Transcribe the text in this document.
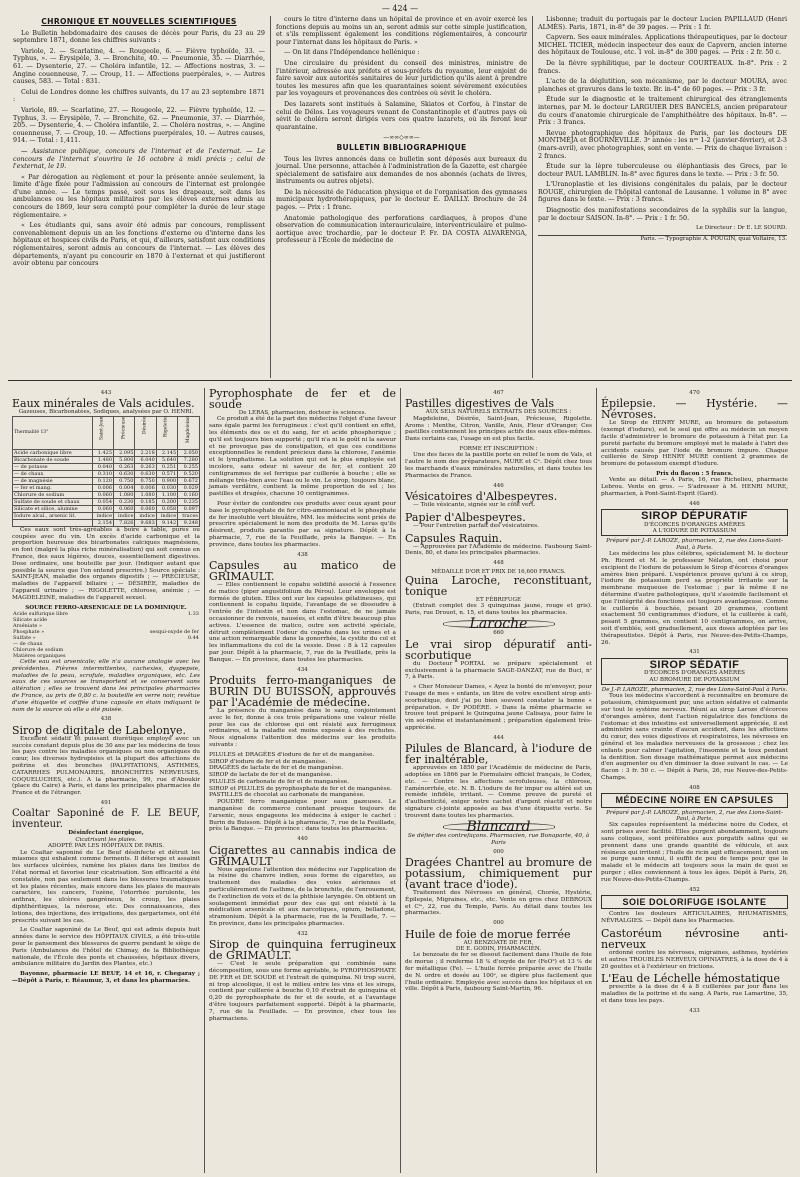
— 424 —
CHRONIQUE ET NOUVELLES SCIENTIFIQUES

Le Bulletin hebdomadaire des causes de décès pour Paris, du 23 au 29 septembre 1871, donne les chiffres suivants :

Variole, 2. — Scarlatine, 4. — Rougeole, 6. — Fièvre typhoïde, 33. — Typhus, ». — Érysipèle, 3. — Bronchite, 40. — Pneumonie, 35. — Diarrhée, 61. — Dysenterie, 27. — Choléra infantile, 12. — Affections nostras, 3. — Angine couenneuse, 7. — Croup, 11. — Affections puerpérales, ». — Autres causes, 583. — Total : 831.

Celui de Londres donne les chiffres suivants, du 17 au 23 septembre 1871 :

Variole, 89. — Scarlatine, 27. — Rougeole, 22. — Fièvre typhoïde, 12. — Typhus, 3. — Érysipèle, 7. — Bronchite, 62. — Pneumonie, 37. — Diarrhée, 205. — Dysenterie, 4. — Choléra infantile, 2. — Choléra nostras, ». — Angine couenneuse, 7. — Croup, 10. — Affections puerpérales, 10. — Autres causes, 914. — Total : 1,411.

— Assistance publique, concours de l'internat et de l'externat. — Le concours de l'internat s'ouvrira le 16 octobre à midi précis ; celui de l'externat, le 19.

« Par dérogation au règlement et pour la présente année seulement, la limite d'âge fixée pour l'admission au concours de l'internat est prolongée d'une année. — Le temps passé, soit sous les drapeaux, soit dans les ambulances ou les hôpitaux militaires par les élèves externes admis au concours de 1869, leur sera compté pour compléter la durée de leur stage réglementaire. »

« Les étudiants qui, sans avoir été admis par concours, remplissent convenablement depuis un an les fonctions d'externe ou d'interne dans les hôpitaux et hospices civils de Paris, et qui, d'ailleurs, satisfont aux conditions réglementaires, seront admis au concours de l'internat. — Les élèves des départements, n'ayant pu concourir en 1870 à l'externat et qui justifieront avoir obtenu par concours

cours le titre d'interne dans un hôpital de province et en avoir exercé les fonctions depuis au moins un an, seront admis sur cette simple justification, et s'ils remplissent également les conditions réglementaires, à concourir pour l'internat dans les hôpitaux de Paris. »

— On lit dans l'Indépendance hellénique :

Une circulaire du président du conseil des ministres, ministre de l'intérieur, adressée aux préfets et sous-préfets du royaume, leur enjoint de faire savoir aux autorités sanitaires de leur juridiction qu'ils aient à prendre toutes les mesures afin que les quarantaines soient sévèrement exécutées par les voyageurs et provenances des contrées où sévit le choléra.

Des lazarets sont institués à Salamine, Skiatos et Corfou, à l'instar de celui de Délos. Les voyageurs venant de Constantinople et d'autres pays où sévit le choléra seront dirigés vers ces quatre lazarets, où ils feront leur quarantaine.

—∞∞◇∞∞—
BULLETIN BIBLIOGRAPHIQUE

Tous les livres annoncés dans ce bulletin sont déposés aux bureaux du journal. Une personne, attachée à l'administration de la Gazette, est chargée spécialement de satisfaire aux demandes de nos abonnés (achats de livres, instruments ou autres objets).

De la nécessité de l'éducation physique et de l'organisation des gymnases municipaux hydrothérapiques, par le docteur E. DAILLY. Brochure de 24 pages. — Prix : 1 franc.

Anatomie pathologique des perforations cardiaques, à propos d'une observation de communication interauriculaire, interventriculaire et pulmo-aortique avec trochardie, par le docteur P. Fr. DA COSTA ALVARENGA, professeur à l'École de médecine de

Lisbonne; traduit du portugais par le docteur Lucien PAPILLAUD (Henri ALMÈS). Paris, 1871, in-8° de 39 pages. — Prix : 1 fr.

Capvern. Ses eaux minérales. Applications thérapeutiques, par le docteur MICHEL TICIER, médecin inspecteur des eaux de Capvern, ancien interne des hôpitaux de Toulouse, etc. 1 vol. in-8° de 300 pages. — Prix : 2 fr. 50 c.

De la fièvre syphilitique, par le docteur COURTEAUX. In-8°. Prix : 2 francs.

L'acte de la déglutition, son mécanisme, par le docteur MOURA, avec planches et gravures dans le texte. Br. in-4° de 60 pages. — Prix : 3 fr.

Étude sur le diagnostic et le traitement chirurgical des étranglements internes, par M. le docteur LARGUIER DES BANCELS, ancien préparateur du cours d'anatomie chirurgicale de l'amphithéâtre des hôpitaux. In-8°. — Prix : 3 francs.

Revue photographique des hôpitaux de Paris, par les docteurs DE MONTMÉJA et BOURNEVILLE. 3ᵉ année : les nᵒˢ 1-2 (janvier-février), et 2-3 (mars-avril), avec photographies, sont en vente. — Prix de chaque livraison : 2 francs.

Étude sur la lèpre tuberculeuse ou éléphantiasis des Grecs, par le docteur PAUL LAMBLIN. In-8° avec figures dans le texte. — Prix : 3 fr. 50.

L'Uranoplastie et les divisions congénitales du palais, par le docteur ROUGE, chirurgien de l'hôpital cantonal de Lausanne. 1 volume in 8° avec figures dans le texte. — Prix : 3 francs.

Diagnostic des manifestations secondaires de la syphilis sur la langue, par le docteur SAISON. In-8°. — Prix : 1 fr. 50.

Le Directeur : Dr E. LE SOURD.
Paris. — Typographie A. POUGIN, quai Voltaire, 13.
443
Eaux minérales de Vals acidules.
Gazeuses, Bicarbonatées, Sodiques, analysées par O. HENRI.
Thermalité 13°	Saint-Jean	Précieuse	Désirée	Rigolette	Magdeleine
Acide carbonique libre	1.425	2.095	2.218	2.145	2.050
Bicarbonate de soude	1.480	5.800	6.040	5.640	7.280
— de potasse	0.040	0.263	0.263	0.251	0.255
— de chaux	0.310	0.630	0.630	0.571	0.520
— de magnésie	0.120	0.750	0.750	0.900	0.672
— fer et mang.	0.006	0.004	0.006	0.030	0.029
Chlorure de sodium	0.060	1.080	1.080	1.100	0.160
Sulfate de soude et chaux	0.054	0.230	0.185	0.200	0.235
Silicate et silice, alumine	0.060	0.060	0.060	0.058	0.097
Iodure alcal., arsenic lit.	indice	indice	indice	indice	traces
	2.154	7.826	9.683	9.142	9.248

Ces eaux sont très-agréables à boire à table, pures ou coupées avec du vin. Un excès d'acide carbonique et la proportion heureuse des bicarbonates calciques magnésiens, en font (malgré la plus riche minéralisation) qui soit connue en France, des eaux légères, douces, essentiellement digestives. Dose ordinaire, une bouteille par jour. (Indiquer autant que possible la source que l'on entend prescrire.) Source spéciale : SAINT-JEAN, maladie des organes digestifs ; — PRÉCIEUSE, maladies de l'appareil biliaire ; — DÉSIRÉE, maladies de l'appareil urinaire ; — RIGOLETTE, chlorose, anémie ; — MAGDELEINE, maladies de l'appareil sexuel.

SOURCE FERRO-ARSENICALE DE LA DOMINIQUE.
Acide sulfurique libre	1.33
Silicate acide	
Arséniate »	
Phosphate »	sesqui-oxyde de fer
Sulfate »	0.44
— de chaux	
Chlorure de sodium	
Matières organiques	

Cette eau est arsenicale; elle n'a aucune analogie avec les précédentes. Fièvres intermittentes, cachexies, dyspepsie, maladies de la peau, scrofule, maladies organiques, etc. Les eaux de ces sources se transportent et se conservent sans altération ; elles se trouvent dans les principales pharmacies de France, au prix de 0,80 c. la bouteille en verre noir, revêtue d'une étiquette et coiffée d'une capsule en étain indiquant le nom de la source où elle a été puisée.

438
Sirop de digitale de Labelonye.

Excellent sédatif et puissant diurétique employé avec un succès constant depuis plus de 30 ans par les médecins de tous les pays contre les maladies organiques ou non organiques du cœur, les diverses hydropisies et la plupart des affections de poitrine et des bronches (PALPITATIONS, ASTHMES, CATARRHES PULMONAIRES, BRONCHITES NERVEUSES, COQUELUCHES, etc.). A la pharmacie, 99, rue d'Aboukir (place du Caire) à Paris, et dans les principales pharmacies de France et de l'étranger.

491
Coaltar Saponiné de F. LE BEUF, inventeur.
Désinfectant énergique,
Cicatrisant les plaies.
ADOPTÉ PAR LES HÔPITAUX DE PARIS.

Le Coaltar saponiné de Le Beuf désinfecte et détruit les miasmes qui exhalent comme ferments. Il détersge et assainit les surfaces ulcérées, ramène les plaies dans les limites de l'état normal et favorise leur cicatrisation. Son efficacité a été constatée, non pas seulement dans les blessures traumatiques et les plaies récentes, mais encore dans les plaies de mauvais caractère, les cancers, l'ozène, l'otorrhée purulente, les anthrax, les ulcères gangréneux, le croup, les plaies diphthéritiques, la néerose, etc. Des connaissances, des lotions, des injections, des irrigations, des gargarismes, ont été prescrits suivant les cas.

Le Coaltar saponiné de Le Beuf, qui est admis depuis huit années dans le service des HÔPITAUX CIVILS, a été très-utile pour le pansement des blessures de guerre pendant le siège de Paris (Ambulances de l'hôtel de Chimay, de la Bibliothèque nationale, de l'École des ponts et chaussées, hôpitaux divers, ambulance militaire du Jardin des Plantes, etc.)

Bayonne, pharmacie LE BEUF, 14 et 16, r. Chegaray ; —Dépôt à Paris, r. Réaumur, 3, et dans les pharmacies.

Pyrophosphate de fer et de soude
De LERAS, pharmacien, docteur ès sciences.

Ce produit a été de la part des médecins l'objet d'une faveur sans égale parmi les ferrugineux : c'est qu'il contient en effet, les éléments des os et du sang, fer et acide phosphorique ; qu'il est toujours bien supporté ; qu'il n'a ni le goût ni la saveur et ne provoque pas de constipation, et que ces conditions exceptionnelles le rendent précieux dans la chlorose, l'anémie et le lymphatisme. La solution qui est la plus employée est incolore, sans odeur ni saveur de fer, et contient 20 centigrammes de sel ferrique par cuillerée à bouche ; elle se mélange très-bien avec l'eau ou le vin. Le sirop, toujours blanc, jamais verdâtre, contient la même proportion de sel ; les pastilles et dragées, chacune 10 centigrammes.

Pour éviter de confondre ces produits avec ceux ayant pour base le pyrophosphate de fer citro-ammoniacal et le phosphate de fer insoluble vert bleuâtre, MM. les médecins sont priés de prescrire spécialement le nom des produits de M. Leras qu'ils désirent, produits garantis par sa signature. Dépôt à la pharmacie, 7, rue de la Feuillade, près la Banque. — En province, dans toutes les pharmacies.

438
Capsules au matico de GRIMAULT.

— Elles contiennent le copahu solidifié associé à l'essence de matico (piper angustifolium du Pérou). Leur enveloppe est formée de gluten. Elles ont sur les capsules gélatineuses, qui contiennent le copahu liquide, l'avantage de se dissoudre à l'entrée de l'intestin et non dans l'estomac, de ne jamais occasionner de renvois, nausées, et enfin d'être beaucoup plus actives. L'essence de matico, outre son activité spéciale, détruit complètement l'odeur du copahu dans les urines et a une action remarquable dans la gonorrhée, la cystite du col et les inflammations du col de la vessie. Dose : 8 à 12 capsules par jour. Dépôt à la pharmacie, 7, rue de la Feuillade, près la Banque. — En province, dans toutes les pharmacies.

434
Produits ferro-manganiques de BURIN DU BUISSON, approuvés par l'Académie de médecine.

La présence du manganèse dans le sang, conjointement avec le fer, donne à ces trois préparations une valeur réelle pour les cas de chlorose qui ont résisté aux ferrugineux ordinaires, et la maladie est moins exposée à des rechutes. Nous signalons l'attention des médecins sur les produits suivants :

PILULES et DRAGÉES d'iodure de fer et de manganèse.
SIROP d'iodure de fer et de manganèse.
DRAGÉES de lactate de fer et de manganèse.
SIROP de lactate de fer et de manganèse.
PILULES de carbonate de fer et de manganèse.
SIROP et PILULES de pyrophosphate de fer et de manganèse.
PASTILLES de chocolat au carbonate de manganèse.

POUDRE ferro manganique pour eaux gazeuses. Le manganèse de commerce contenant presque toujours de l'arsenic, nous engageons les médecins à exiger le cachet : Burin du Buisson. Dépôt à la pharmacie, 7, rue de la Feuillade, près la Banque. — En province : dans toutes les pharmacies.

440
Cigarettes au cannabis indica de GRIMAULT

Nous appelons l'attention des médecins sur l'application de la résine du chanvre indien, sous forme de cigarettes, au traitement des maladies des voies aériennes et particulièrement de l'asthme, de la bronchite, de l'enrouement, de l'extinction de voix et de la phthisie laryngée. On obtient un soulagement immédiat pour des cas qui ont résisté à la médication arsenicale et aux narcotiques, opium, belladone, stramonium. Dépôt à la pharmacie, rue de la Feuillade, 7. — En province, dans les principales pharmacies.

432
Sirop de quinquina ferrugineux de GRIMAULT.

— C'est le seule préparation qui combinée sans décomposition, sous une forme agréable, le PYROPHOSPHATE DE FER et DE SOUDE et l'extrait de quinquina. Ni trop sucré, ni trop alcoolique, il est le milieu entre les vins et les sirops, contient par cuillerée à bouche 0,10 d'extrait de quinquina et 0,20 de pyrophosphate de fer et de soude, et a l'avantage d'être toujours parfaitement supporté. Dépôt à la pharmacie, 7, rue de la Feuillade. — En province, chez tous les pharmaciens.

467
Pastilles digestives de Vals
AUX SELS NATURELS EXTRAITS DES SOURCES :

Magdeleine, Désirée, Saint-Jean, Précieuse, Rigolette. Aroms : Menthe, Citron, Vanille, Anis, Fleur d'Oranger. Ces pastilles contiennent les principes actifs des eaux elles-mêmes. Dans certains cas, l'usage en est plus facile.

FORME ET INSCRIPTION :

Une des faces de la pastille porte en relief le nom de Vals, et l'autre le nom des préparateurs, MURE et Cᵉ. Dépôt chez tous les marchands d'eaux minérales naturelles, et dans toutes les Pharmacies de France.

446
Vésicatoires d'Albespeyres.

— Toile vésicante, signée sur le côté vert.

Papier d'Albespeyres.

— Pour l'entretien parfait des vésicatoires.

Capsules Raquin.

— Approuvées par l'Académie de médecine. Faubourg Saint-Denis, 80, et dans les principales pharmacies.

448
MÉDAILLE D'OR ET PRIX DE 16,600 FRANCS.
Quina Laroche, reconstituant, tonique
ET FÉBRIFUGE

(Extrait complet des 3 quinquinas jaune, rouge et gris). Paris, rue Drouot, n. 15, et dans toutes les pharmacies.

Laroche
660
Le vrai sirop dépuratif anti-scorbutique

du Docteur PORTAL se prépare spécialement et exclusivement à la pharmacie SAGE-DANZAT, rue de Buci, nᵒ 7, à Paris.

« Cher Monsieur Dames, « Ayez la bonté de m'envoyer, pour l'usage de mes « enfants, un litre de votre excellent sirop anti-scorbutique, dont j'ai pu bien souvent constater la bonne « préparation. « Dr PODÉRE. » Dans la même pharmacie se trouve tout préparé le Quinquina jaune Calisaya, pour faire le vin soi-même et instantanément ; préparation également très-appréciée.

444
Pilules de Blancard, à l'iodure de fer inaltérable,

approuvées en 1850 par l'Académie de médecine de Paris, adoptées en 1866 par le Formulaire officiel français, le Codex, etc. — Contre les affections scrofuleuses, la chlorose, l'aménorrhée, etc. N. B. L'iodure de fer impur ou altéré est un remède infidèle, irritant. — Comme preuve de pureté et d'authenticité, exiger notre cachet d'argent réactif et notre signature ci-jointe apposée au bas d'une étiquette verte. Se trouvent dans toutes les pharmacies.

Blancard
Se défier des contrefaçons. Pharmacien, rue Bonaparte, 40, à Paris
000
Dragées Chantrel au bromure de potassium, chimiquement pur (avant trace d'iode).

Traitement des Névroses en général, Chorée, Hystérie, Épilepsie, Migraines, etc., etc. Vente en gros chez DEBROUX et Cⁱᵉ, 22, rue du Temple, Paris. Au détail dans toutes les pharmacies.

000
Huile de foie de morue ferrée
AU BENZOATE DE FER,
DE E. GODIN, PHARMACIEN.

Le benzoate de fer se dissout facilement dans l'huile de foie de morue ; il renferme 18 ℅ d'oxyde de fer (FeO²) et 13 ℅ de fer métallique (Fe). — L'huile ferrée préparée avec de l'huile de N. ordre et dosée au 100ᵉ, se digère plus facilement que l'huile ordinaire. Employée avec succès dans les hôpitaux et en ville. Dépôt à Paris, faubourg Saint-Martin, 96.

470
Épilepsie. — Hystérie. — Névroses.

Le Sirop de HENRY MURE, au bromure de potassium (exempt d'iodure), est le seul qui offre au médecin un moyen facile d'administrer le bromure de potassium à l'état pur. La pureté parfaite du bromure employé met le malade à l'abri des accidents causés par l'iode de bromure impure. Chaque cuillerée de Sirop HENRY MURE contient 2 grammes de bromure de potassium exempt d'iodure.

Prix du flacon : 5 francs.

Vente au détail. — A Paris, 16, rue Richelieu, pharmacie Lebrou. Vente en gros. — S'adresser à M. HENRI MURE, pharmacien, à Pont-Saint-Esprit (Gard).

446
SIROP DÉPURATIF
D'ÉCORCES D'ORANGES AMÈRES
A L'IODURE DE POTASSIUM
Préparé par J.-P. LAROZE, pharmacien, 2, rue des Lions-Saint-Paul, à Paris.

Les médecins les plus célèbres, spécialement M. le docteur Ph. Ricord et M. le professeur Nélaton, ont choisi pour excipient de l'iodure de potassium le Sirop d'écorces d'oranges amères bien préparé. L'expérience prouve qu'uni à ce sirop, l'iodure de potassium perd sa propriété irritante sur la membrane muqueuse de l'estomac ; par là même il ne détermine d'autre pathologiques, qu'il s'assimile facilement et que l'intégrité des fonctions est toujours avantageuse. Comme le cuillerée à bouchée, pesant 20 grammes, contient exactement 50 centigrammes d'iodure, et la cuillerée à café, pesant 5 grammes, en contient 10 centigrammes, on arrive, soit d'emblée, soit graduellement, aux doses adoptées par les thérapeutistes. Dépôt à Paris, rue Neuve-des-Petits-Champs, 26.

431
SIROP SÉDATIF
D'ÉCORCES D'ORANGES AMÈRES
AU BROMURE DE POTASSIUM
De J.-P. LAROZE, pharmacien, 2, rue des Lions-Saint-Paul à Paris.

Tous les médecins s'accordent à reconnaître en bromure de potassium, chimiquement pur, une action sédative et calmante sur tout le système nerveux. Réuni au sirop Laroze d'écorces d'oranges amères, dont l'action régulatrice des fonctions de l'estomac et des intestins est universellement appréciée, il est administré sans crainte d'aucun accident, dans les affections du cœur, des voies digestives et respiratoires, les névroses en général et les maladies nerveuses de la grossesse ; chez les enfants pour calmer l'agitation, l'insomnie et la toux pendant la dentition. Son dosage mathématique permet aux médecins d'en augmenter ou d'en diminuer la dose suivant le cas. — Le flacon : 3 fr. 50 c. — Dépôt à Paris, 26, rue Neuve-des-Petits-Champs.

408
MÉDECINE NOIRE EN CAPSULES
Préparé par J.-P. LAROZE, pharmacien, 2, rue des Lions-Saint-Paul, à Paris.

Six capsules représentent la médecine noire du Codex, et sont prises avec facilité. Elles purgent abondamment, toujours sans coliques, sont préférables aux purgatifs salins qui se prennent dans une grande quantité de véhicule, et aux résineux qui irritent ; l'huile de ricin agit efficacement, dont on se purge sans ennui, il suffit de peu de temps pour que le malade et le médecin ait toujours sous la main de quoi se purger ; elles conviennent à tous les âges. Dépôt à Paris, 26, rue Neuve-des-Petits-Champs.

452
SOIE DOLORIFUGE ISOLANTE

Contre les douleurs ARTICULAIRES, RHUMATISMES, NÉVRALGIES. — Dépôt dans les Pharmacies.

Castoréum névrosine anti-nerveux

ordonné contre les névroses, migraines, asthmes, hystéries et autres TROUBLES NERVEUX OPINIATRES, à la dose de 4 à 20 gouttes et à l'extérieur en frictions.

L'Eau de Léchelle hémostatique

prescrite à la dose de 4 à 8 cuillerées par jour dans les maladies de la poitrine et du sang. A Paris, rue Lamartine, 35, et dans tous les pays.

433
